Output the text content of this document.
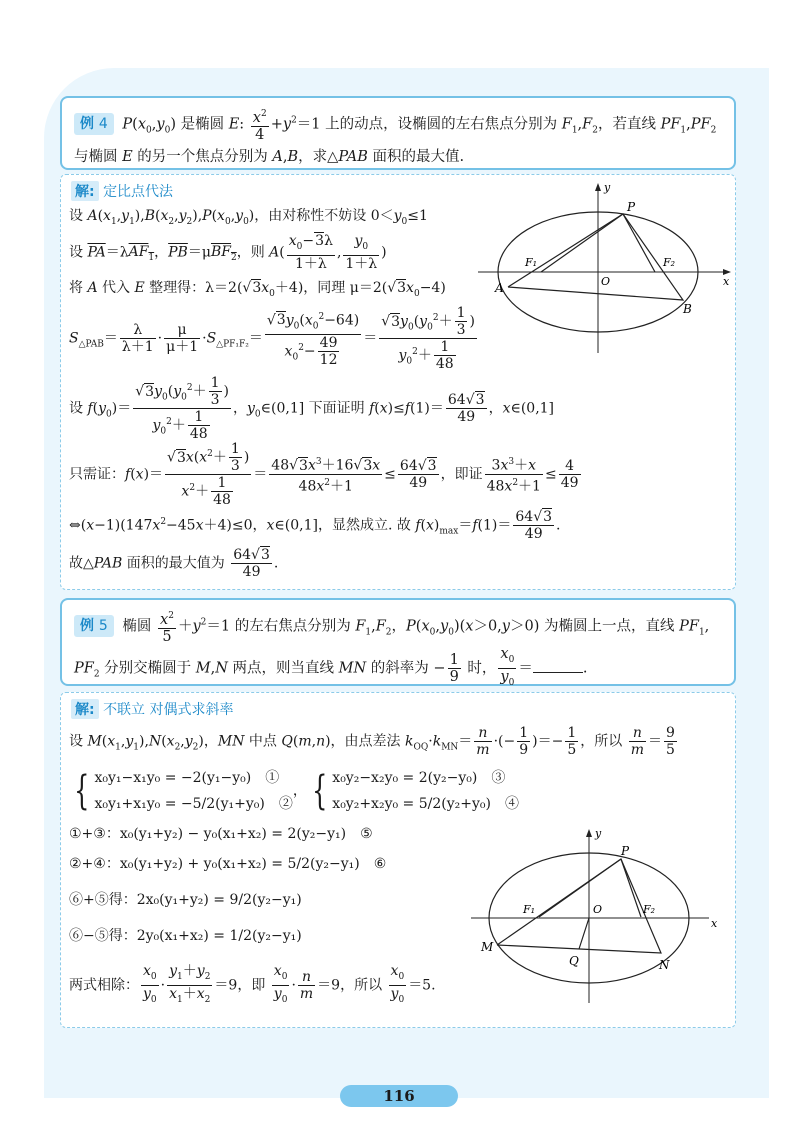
例 4 $P(x_0,y_0)$ 是椭圆 E: $\frac{x^2}{4} +y^2=1$ 上的动点，设椭圆的左右焦点分别为 $F_1,F_2$，若直线 $PF_1,PF_2$
与椭圆 E 的另一个焦点分别为 A,B，求△PAB 面积的最大值.
解: 定比点代法
设 $A(x_1,y_1),B(x_2,y_2),P(x_0,y_0)$，由对称性不妨设 $0<y_0\le 1$
设 $\overline{PA}=\lambda AF_1$，$\overline{PB}=\mu BF_2$，则 $A( \frac{x_0-3\lambda}{1+\lambda}$ , $\frac{y_0}{1+\lambda}$ )
将 A 代入 E 整理得：$\lambda=2(√3x_0+4)$，同理 $\mu=2(√3x_0-4)$
$S_{\triangle PAB}= \frac{\lambda}{\lambda+1} \cdot \frac{\mu}{\mu+1} \cdot S_{\triangle PF_1F_2}= \frac{√3y_0(x_0^2-64)}{x_0^2- \frac{49}{12}} = \frac{√3y_0(y_0^2+ \frac{1}{3} )}{y_0^2+ \frac{1}{48}}$
设 $f(y_0)= \frac{√3y_0(y_0^2+ \frac{1}{3} )}{y_0^2+ \frac{1}{48}}$ ，$y_0\in(0,1]$ 下面证明 $f(x)\le f(1)= \frac{64√3}{49}$ ，x∈(0,1]
只需证：$f(x)= \frac{√3x(x^2+ \frac{1}{3} )}{x^2+ \frac{1}{48}} = \frac{48√3x^3+16√3x}{48x^2+1} \le \frac{64√3}{49}$ ，即证 $\frac{3x^3+x}{48x^2+1} \le \frac{4}{49}$
$\Leftrightarrow(x-1)(147x^2-45x+4)\le 0$，x∈(0,1]，显然成立. 故 $f(x)_{max}=f(1)= \frac{64√3}{49}$ .
故△PAB 面积的最大值为 $\frac{64√3}{49}$ .
P
A
B
F₁	F₂
O	x
y
例 5 椭圆 $\frac{x^2}{5} +y^2=1$ 的左右焦点分别为 $F_1,F_2$，$P(x_0,y_0)(x>0,y>0)$ 为椭圆上一点，直线 $PF_1$,
$PF_2$ 分别交椭圆于 M,N 两点，则当直线 MN 的斜率为 − $\frac{1}{9}$ 时， $\frac{x_0}{y_0}$ ＝	.
解: 不联立 对偶式求斜率
设 $M(x_1,y_1),N(x_2,y_2)$，MN 中点 Q(m,n)，由点差法 $k_{OQ}\cdot k_{MN}= \frac{n}{m}$ ·(− $\frac{1}{9}$ )＝− $\frac{1}{5}$ ，所以 $\frac{n}{m} = \frac{9}{5}$
{ x₀y₁−x₁y₀ = −2(y₁−y₀)　①
x₀y₁+x₁y₀ = −5/2(y₁+y₀)　②， { x₀y₂−x₂y₀ = 2(y₂−y₀)　③
x₀y₂+x₂y₀ = 5/2(y₂+y₀)　④
①+③：x₀(y₁+y₂) − y₀(x₁+x₂) = 2(y₂−y₁)　⑤
②+④：x₀(y₁+y₂) + y₀(x₁+x₂) = 5/2(y₂−y₁)　⑥
⑥+⑤得：2x₀(y₁+y₂) = 9/2(y₂−y₁)
⑥−⑤得：2y₀(x₁+x₂) = 1/2(y₂−y₁)
两式相除： $\frac{x_0}{y_0} \cdot \frac{y_1+y_2}{x_1+x_2} =9$，即 $\frac{x_0}{y_0} \cdot \frac{n}{m} =9$，所以 $\frac{x_0}{y_0} =5$.
P
M
N
Q
F₁	F₂
O
x
y
116
